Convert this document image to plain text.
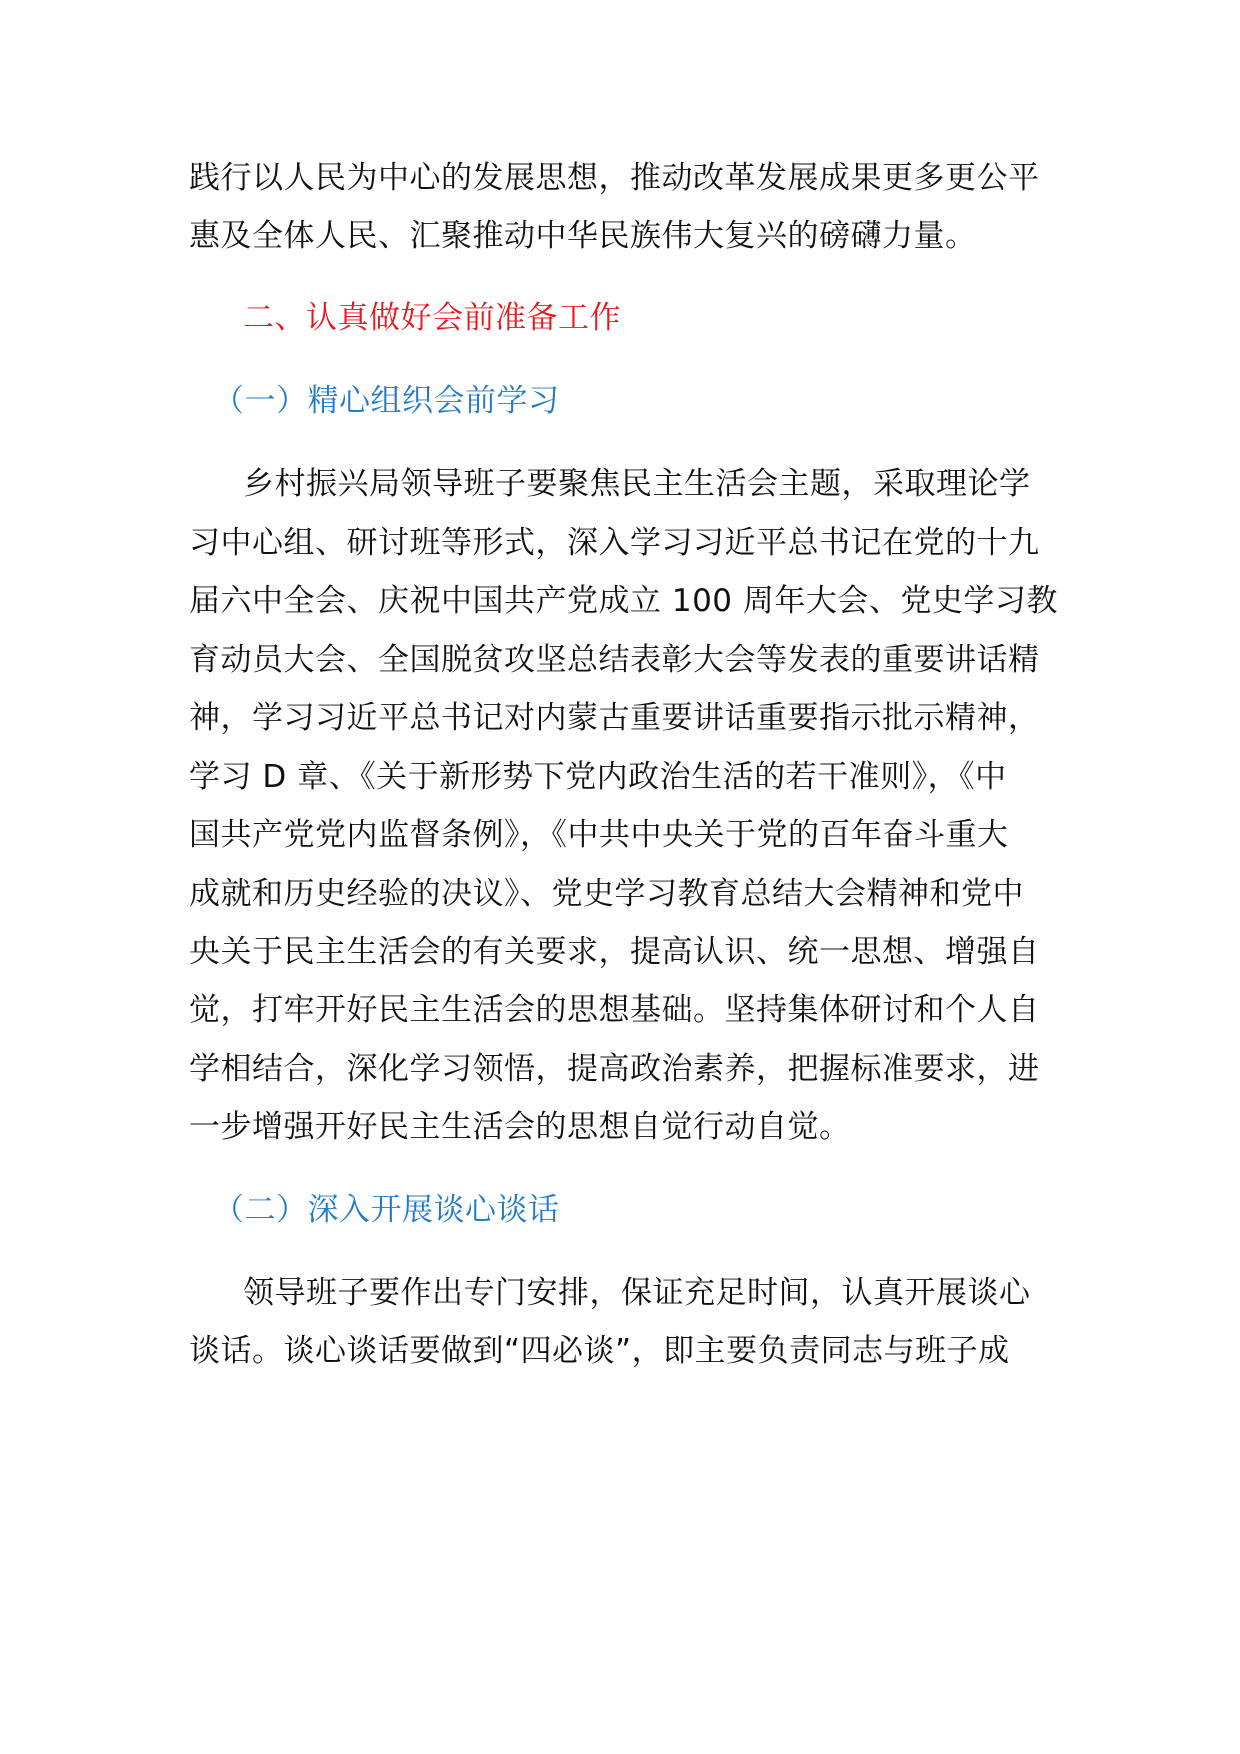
践行以人民为中心的发展思想，推动改革发展成果更多更公平
惠及全体人民、汇聚推动中华民族伟大复兴的磅礴力量。
二、认真做好会前准备工作
（一）精心组织会前学习
乡村振兴局领导班子要聚焦民主生活会主题，采取理论学
习中心组、研讨班等形式，深入学习习近平总书记在党的十九
届六中全会、庆祝中国共产党成立 100 周年大会、党史学习教
育动员大会、全国脱贫攻坚总结表彰大会等发表的重要讲话精
神，学习习近平总书记对内蒙古重要讲话重要指示批示精神，
学习 D 章、《关于新形势下党内政治生活的若干准则》，《中
国共产党党内监督条例》，《中共中央关于党的百年奋斗重大
成就和历史经验的决议》、党史学习教育总结大会精神和党中
央关于民主生活会的有关要求，提高认识、统一思想、增强自
觉，打牢开好民主生活会的思想基础。坚持集体研讨和个人自
学相结合，深化学习领悟，提高政治素养，把握标准要求，进
一步增强开好民主生活会的思想自觉行动自觉。
（二）深入开展谈心谈话
领导班子要作出专门安排，保证充足时间，认真开展谈心
谈话。谈心谈话要做到“四必谈”，即主要负责同志与班子成
